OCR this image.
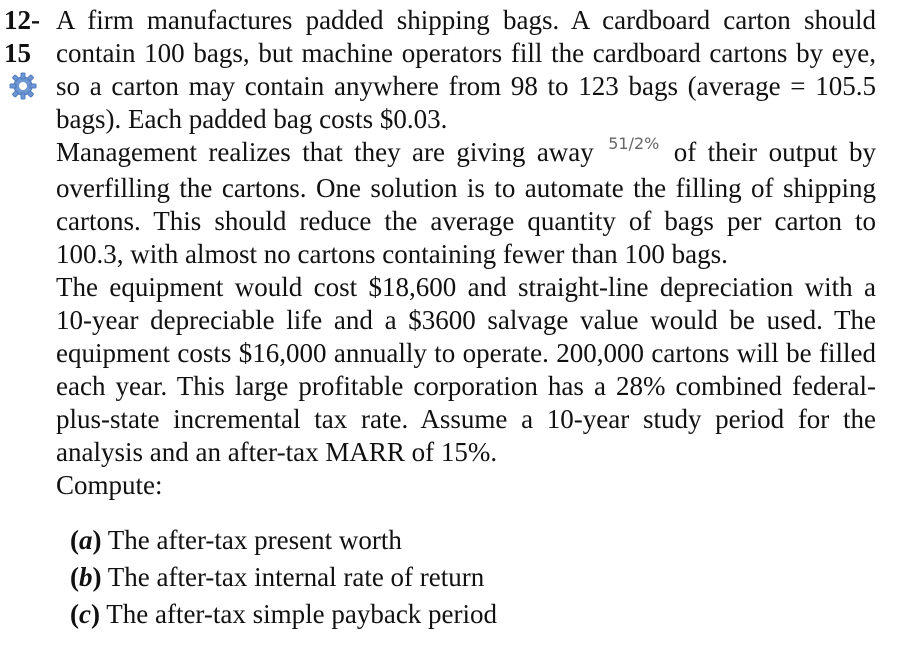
12-
15

A firm manufactures padded shipping bags. A cardboard carton should contain 100 bags, but machine operators fill the cardboard cartons by eye, so a carton may contain anywhere from 98 to 123 bags (average = 105.5 bags). Each padded bag costs $0.03.

Management realizes that they are giving away $^{51/2\%}$ of their output by overfilling the cartons. One solution is to automate the filling of shipping cartons. This should reduce the average quantity of bags per carton to 100.3, with almost no cartons containing fewer than 100 bags.

The equipment would cost $18,600 and straight-line depreciation with a 10-year depreciable life and a $3600 salvage value would be used. The equipment costs $16,000 annually to operate. 200,000 cartons will be filled each year. This large profitable corporation has a 28% combined federal-plus-state incremental tax rate. Assume a 10-year study period for the analysis and an after-tax MARR of 15%.

Compute:

(a) The after-tax present worth
(b) The after-tax internal rate of return
(c) The after-tax simple payback period
